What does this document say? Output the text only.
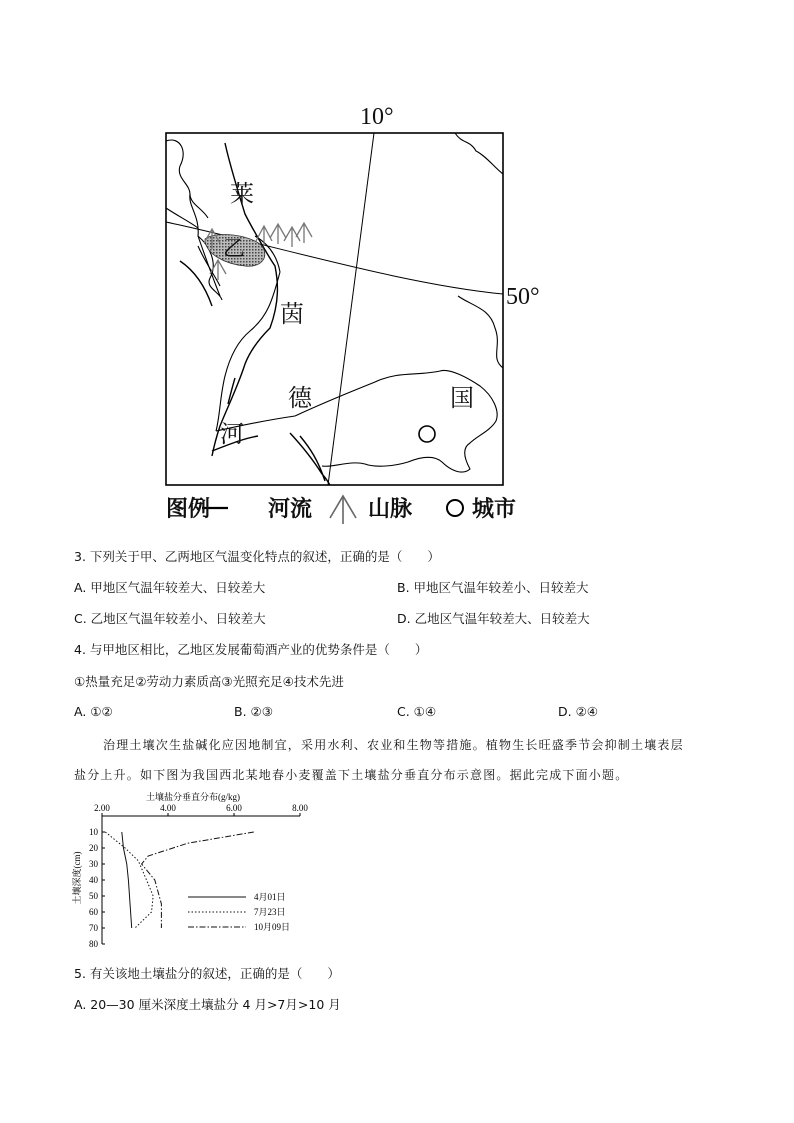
10°
50°
莱
乙
茵
德
河
国
图例	河流	山脉	城市
3. 下列关于甲、乙两地区气温变化特点的叙述，正确的是（　　）
A. 甲地区气温年较差大、日较差大	B. 甲地区气温年较差小、日较差大
C. 乙地区气温年较差小、日较差大	D. 乙地区气温年较差大、日较差大
4. 与甲地区相比，乙地区发展葡萄酒产业的优势条件是（　　）
①热量充足②劳动力素质高③光照充足④技术先进
A. ①②	B. ②③	C. ①④	D. ②④
治理土壤次生盐碱化应因地制宜，采用水利、农业和生物等措施。植物生长旺盛季节会抑制土壤表层
盐分上升。如下图为我国西北某地春小麦覆盖下土壤盐分垂直分布示意图。据此完成下面小题。
土壤盐分垂直分布(g/kg)
土壤深度(cm)
2.00	4.00	6.00	8.00
10
20
30
40
50
60
70
80
4月01日
7月23日
10月09日
5. 有关该地土壤盐分的叙述，正确的是（　　）
A. 20—30 厘米深度土壤盐分 4 月>7月>10 月
